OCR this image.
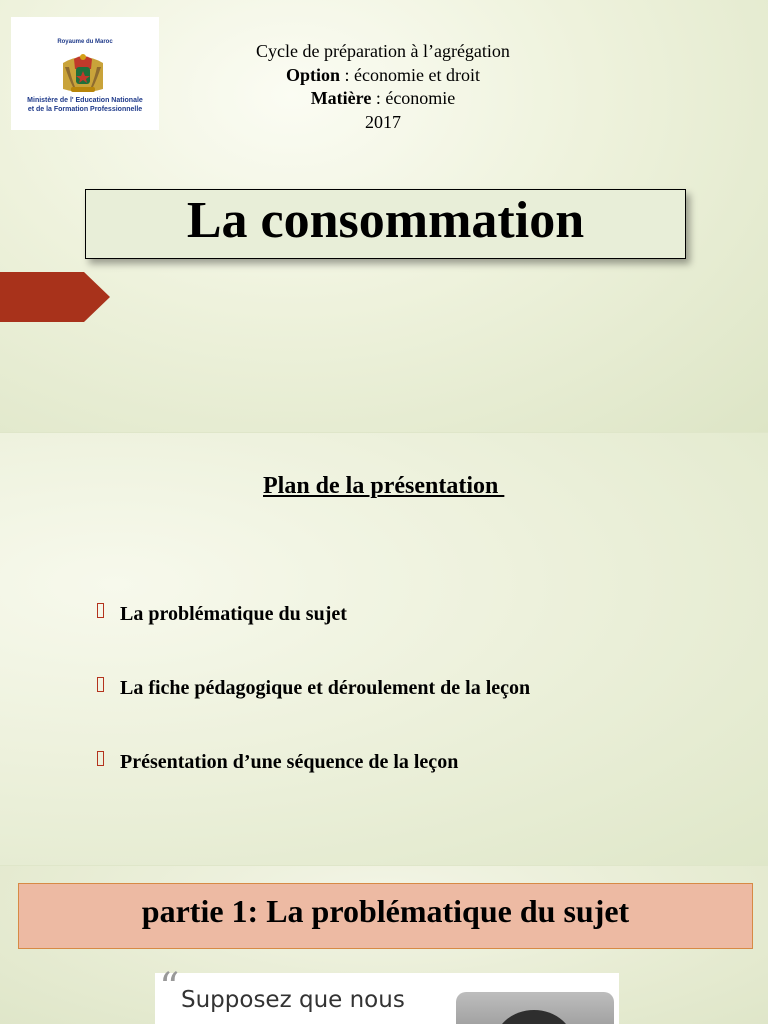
Royaume du Maroc
Ministère de l' Education Nationale
et de la Formation Professionnelle
Cycle de préparation à l’agrégation
Option : économie et droit
Matière : économie
2017
La consommation
Plan de la présentation
La problématique du sujet
La fiche pédagogique et déroulement de la leçon
Présentation d’une séquence de la leçon
partie 1: La problématique du sujet
“ Supposez que nous
